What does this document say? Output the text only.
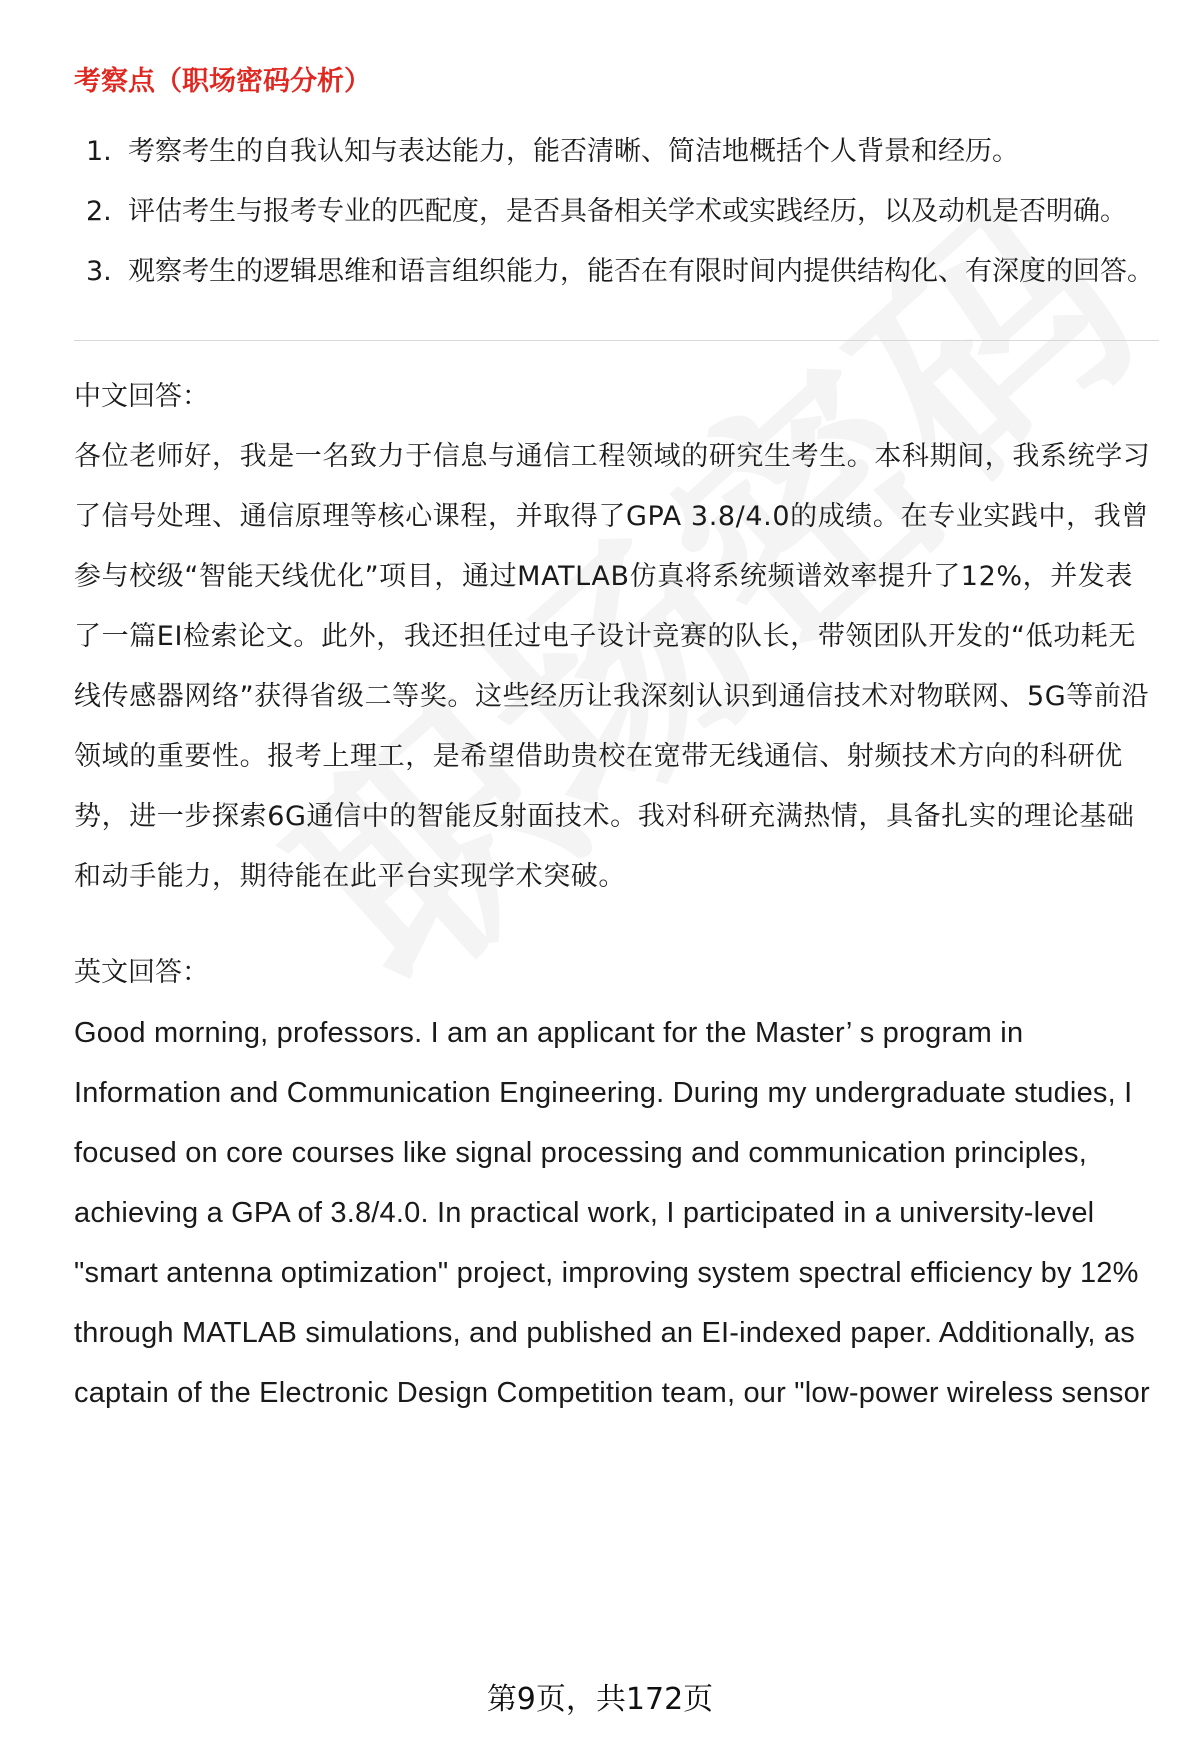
考察点（职场密码分析）
1. 考察考生的自我认知与表达能力，能否清晰、简洁地概括个人背景和经历。
2. 评估考生与报考专业的匹配度，是否具备相关学术或实践经历，以及动机是否明确。
3. 观察考生的逻辑思维和语言组织能力，能否在有限时间内提供结构化、有深度的回答。

中文回答：

各位老师好，我是一名致力于信息与通信工程领域的研究生考生。本科期间，我系统学习了信号处理、通信原理等核心课程，并取得了GPA 3.8/4.0的成绩。在专业实践中，我曾参与校级“智能天线优化”项目，通过MATLAB仿真将系统频谱效率提升了12%，并发表了一篇EI检索论文。此外，我还担任过电子设计竞赛的队长，带领团队开发的“低功耗无线传感器网络”获得省级二等奖。这些经历让我深刻认识到通信技术对物联网、5G等前沿领域的重要性。报考上理工，是希望借助贵校在宽带无线通信、射频技术方向的科研优势，进一步探索6G通信中的智能反射面技术。我对科研充满热情，具备扎实的理论基础和动手能力，期待能在此平台实现学术突破。

英文回答：

Good morning, professors. I am an applicant for the Master’ s program in Information and Communication Engineering. During my undergraduate studies, I focused on core courses like signal processing and communication principles, achieving a GPA of 3.8/4.0. In practical work, I participated in a university-level "smart antenna optimization" project, improving system spectral efficiency by 12% through MATLAB simulations, and published an EI-indexed paper. Additionally, as captain of the Electronic Design Competition team, our "low-power wireless sensor

第9页，共172页
